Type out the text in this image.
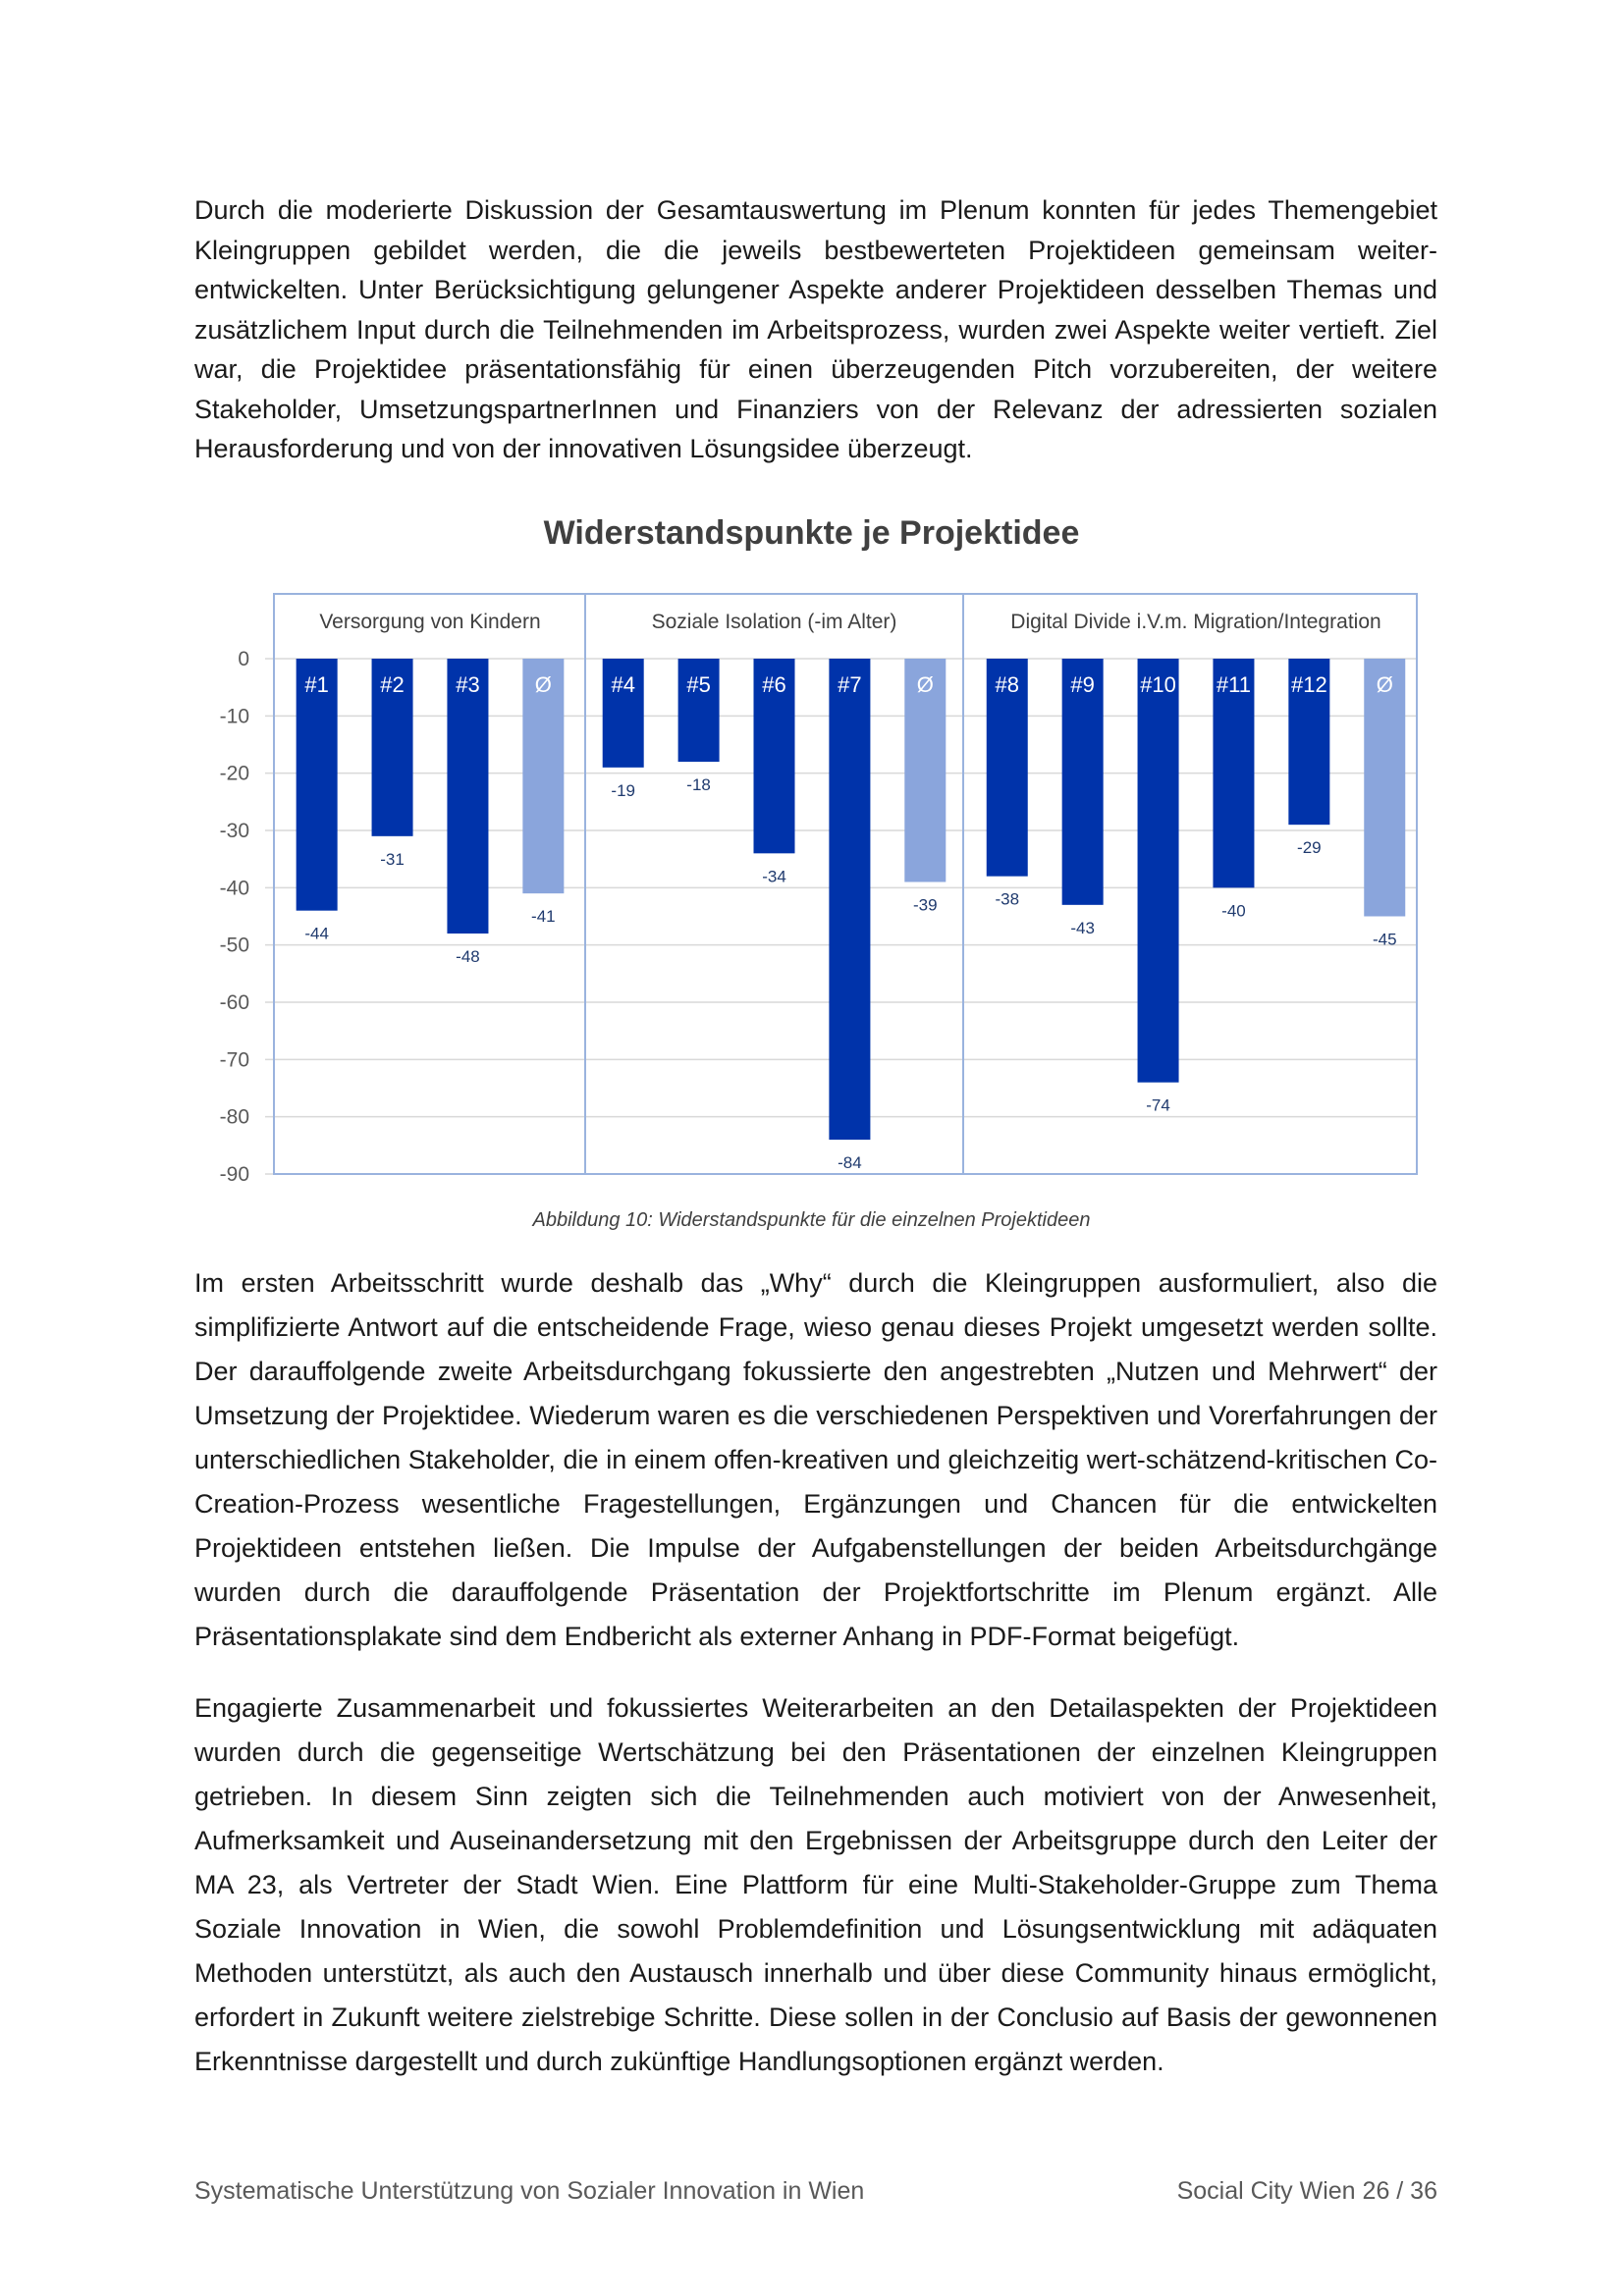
Durch die moderierte Diskussion der Gesamtauswertung im Plenum konnten für jedes Themengebiet Kleingruppen gebildet werden, die die jeweils bestbewerteten Projektideen gemeinsam weiter-entwickelten. Unter Berücksichtigung gelungener Aspekte anderer Projektideen desselben Themas und zusätzlichem Input durch die Teilnehmenden im Arbeitsprozess, wurden zwei Aspekte weiter vertieft. Ziel war, die Projektidee präsentationsfähig für einen überzeugenden Pitch vorzubereiten, der weitere Stakeholder, UmsetzungspartnerInnen und Finanziers von der Relevanz der adressierten sozialen Herausforderung und von der innovativen Lösungsidee überzeugt.

Widerstandspunkte je Projektidee
0
-10
-20
-30
-40
-50
-60
-70
-80
-90
Versorgung von Kindern
#1
-44
#2
-31
#3
-48
Ø
-41
Soziale Isolation (-im Alter)
#4
-19
#5
-18
#6
-34
#7
-84
Ø
-39
Digital Divide i.V.m. Migration/Integration
#8
-38
#9
-43
#10
-74
#11
-40
#12
-29
Ø
-45

Abbildung 10: Widerstandspunkte für die einzelnen Projektideen

Im ersten Arbeitsschritt wurde deshalb das „Why“ durch die Kleingruppen ausformuliert, also die simplifizierte Antwort auf die entscheidende Frage, wieso genau dieses Projekt umgesetzt werden sollte. Der darauffolgende zweite Arbeitsdurchgang fokussierte den angestrebten „Nutzen und Mehrwert“ der Umsetzung der Projektidee. Wiederum waren es die verschiedenen Perspektiven und Vorerfahrungen der unterschiedlichen Stakeholder, die in einem offen-kreativen und gleichzeitig wert-schätzend-kritischen Co-Creation-Prozess wesentliche Fragestellungen, Ergänzungen und Chancen für die entwickelten Projektideen entstehen ließen. Die Impulse der Aufgabenstellungen der beiden Arbeitsdurchgänge wurden durch die darauffolgende Präsentation der Projektfortschritte im Plenum ergänzt. Alle Präsentationsplakate sind dem Endbericht als externer Anhang in PDF-Format beigefügt.

Engagierte Zusammenarbeit und fokussiertes Weiterarbeiten an den Detailaspekten der Projektideen wurden durch die gegenseitige Wertschätzung bei den Präsentationen der einzelnen Kleingruppen getrieben. In diesem Sinn zeigten sich die Teilnehmenden auch motiviert von der Anwesenheit, Aufmerksamkeit und Auseinandersetzung mit den Ergebnissen der Arbeitsgruppe durch den Leiter der MA 23, als Vertreter der Stadt Wien. Eine Plattform für eine Multi-Stakeholder-Gruppe zum Thema Soziale Innovation in Wien, die sowohl Problemdefinition und Lösungsentwicklung mit adäquaten Methoden unterstützt, als auch den Austausch innerhalb und über diese Community hinaus ermöglicht, erfordert in Zukunft weitere zielstrebige Schritte. Diese sollen in der Conclusio auf Basis der gewonnenen Erkenntnisse dargestellt und durch zukünftige Handlungsoptionen ergänzt werden.

Systematische Unterstützung von Sozialer Innovation in Wien	Social City Wien 26 / 36
